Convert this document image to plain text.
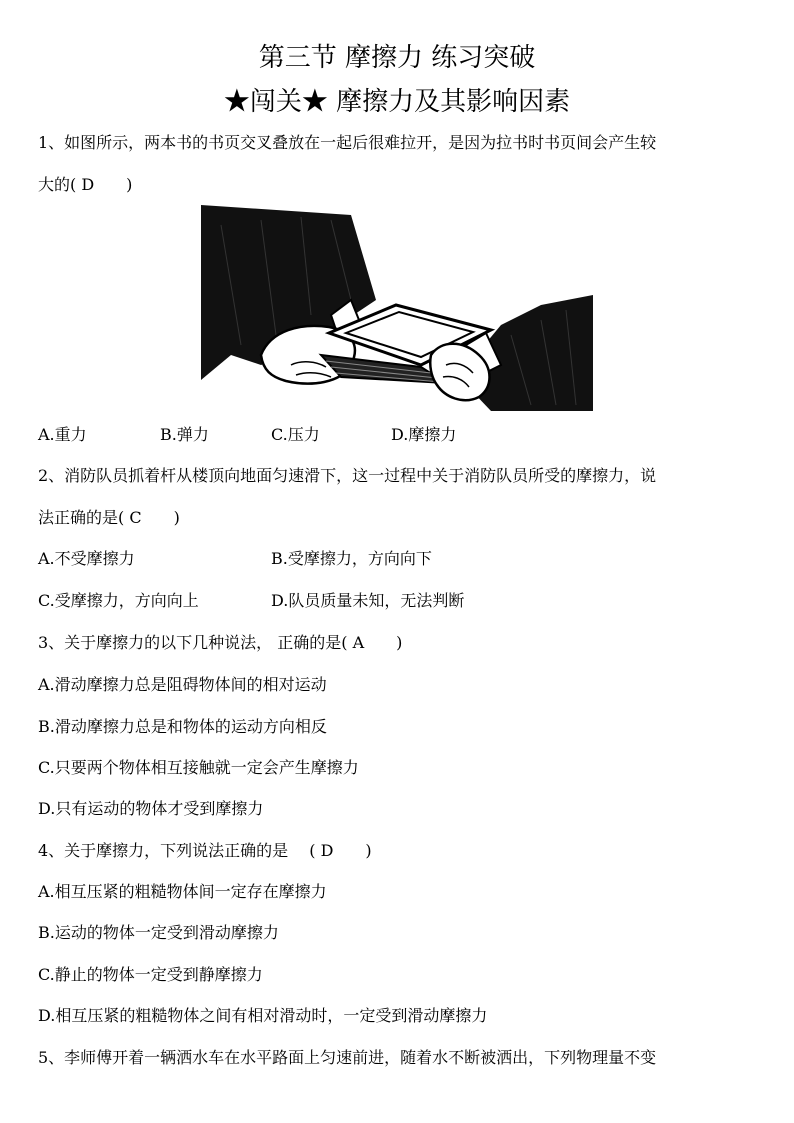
第三节 摩擦力 练习突破
★闯关★ 摩擦力及其影响因素
1、如图所示，两本书的书页交叉叠放在一起后很难拉开，是因为拉书时书页间会产生较
大的( D　　)
A.重力	B.弹力	C.压力	D.摩擦力
2、消防队员抓着杆从楼顶向地面匀速滑下，这一过程中关于消防队员所受的摩擦力，说
法正确的是( C　　)
A.不受摩擦力	B.受摩擦力，方向向下
C.受摩擦力，方向向上	D.队员质量未知，无法判断
3、关于摩擦力的以下几种说法， 正确的是( A　　)
A.滑动摩擦力总是阻碍物体间的相对运动
B.滑动摩擦力总是和物体的运动方向相反
C.只要两个物体相互接触就一定会产生摩擦力
D.只有运动的物体才受到摩擦力
4、关于摩擦力，下列说法正确的是 　( D　　)
A.相互压紧的粗糙物体间一定存在摩擦力
B.运动的物体一定受到滑动摩擦力
C.静止的物体一定受到静摩擦力
D.相互压紧的粗糙物体之间有相对滑动时，一定受到滑动摩擦力
5、李师傅开着一辆洒水车在水平路面上匀速前进，随着水不断被洒出，下列物理量不变
